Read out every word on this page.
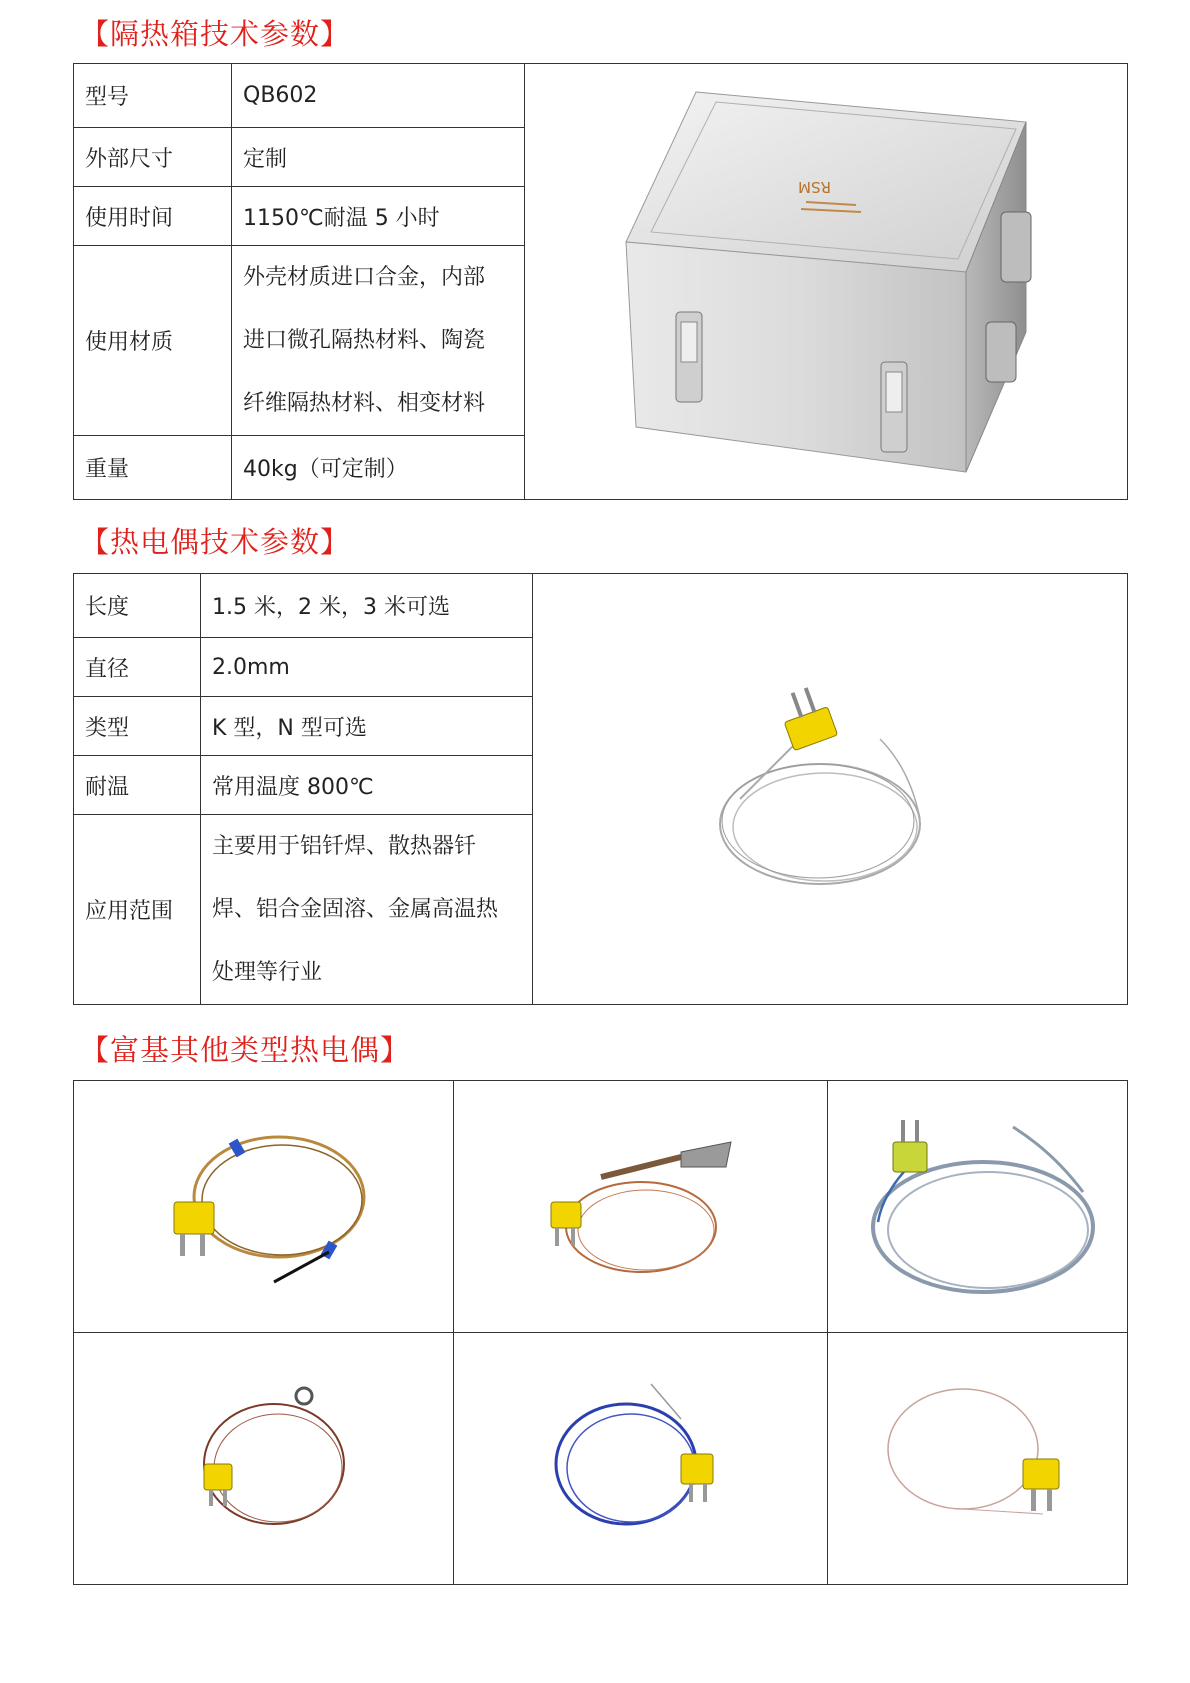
【隔热箱技术参数】
型号	QB602	RSM

外部尺寸	定制	
使用时间	1150℃耐温 5 小时	
使用材质	外壳材质进口合金，内部
进口微孔隔热材料、陶瓷
纤维隔热材料、相变材料	

重量	40kg（可定制）	
【热电偶技术参数】
长度	1.5 米，2 米，3 米可选	

直径	2.0mm	
类型	K 型，N 型可选	
耐温	常用温度 800℃	
应用范围	主要用于铝钎焊、散热器钎
焊、铝合金固溶、金属高温热
处理等行业	
【富基其他类型热电偶】
